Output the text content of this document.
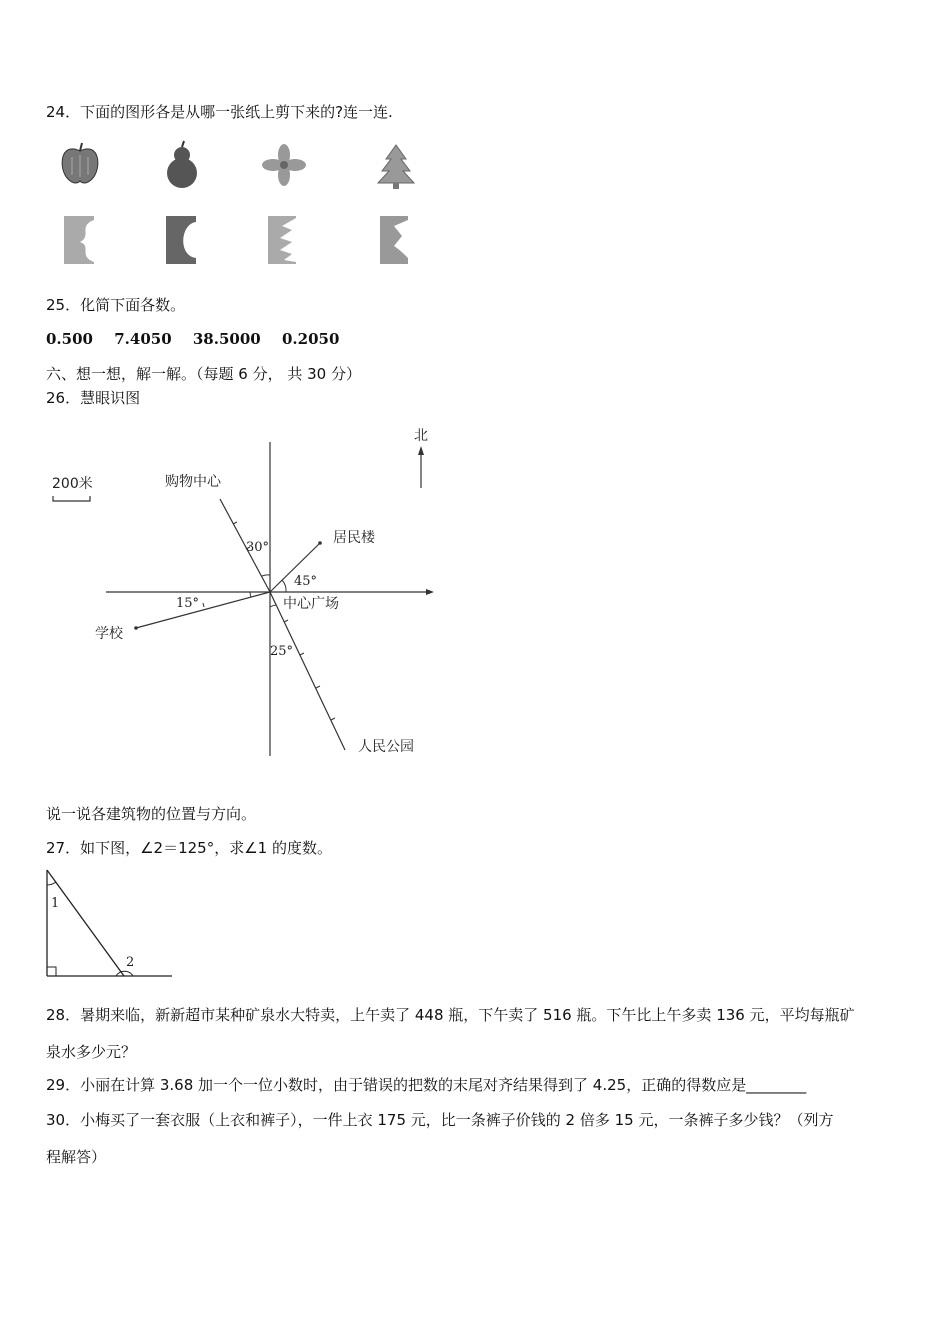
24．下面的图形各是从哪一张纸上剪下来的?连一连.
25．化简下面各数。
0.500 7.4050 38.5000 0.2050
六、想一想，解一解。（每题 6 分， 共 30 分）
26．慧眼识图
北
200米	购物中心
30°
居民楼
45°
学校
15°
人民公园
25°
中心广场
说一说各建筑物的位置与方向。
27．如下图，∠2＝125°，求∠1 的度数。
1
2
28．暑期来临，新新超市某种矿泉水大特卖，上午卖了 448 瓶，下午卖了 516 瓶。下午比上午多卖 136 元，平均每瓶矿
泉水多少元？
29．小丽在计算 3.68 加一个一位小数时，由于错误的把数的末尾对齐结果得到了 4.25，正确的得数应是________
30．小梅买了一套衣服（上衣和裤子），一件上衣 175 元，比一条裤子价钱的 2 倍多 15 元，一条裤子多少钱？（列方
程解答）
